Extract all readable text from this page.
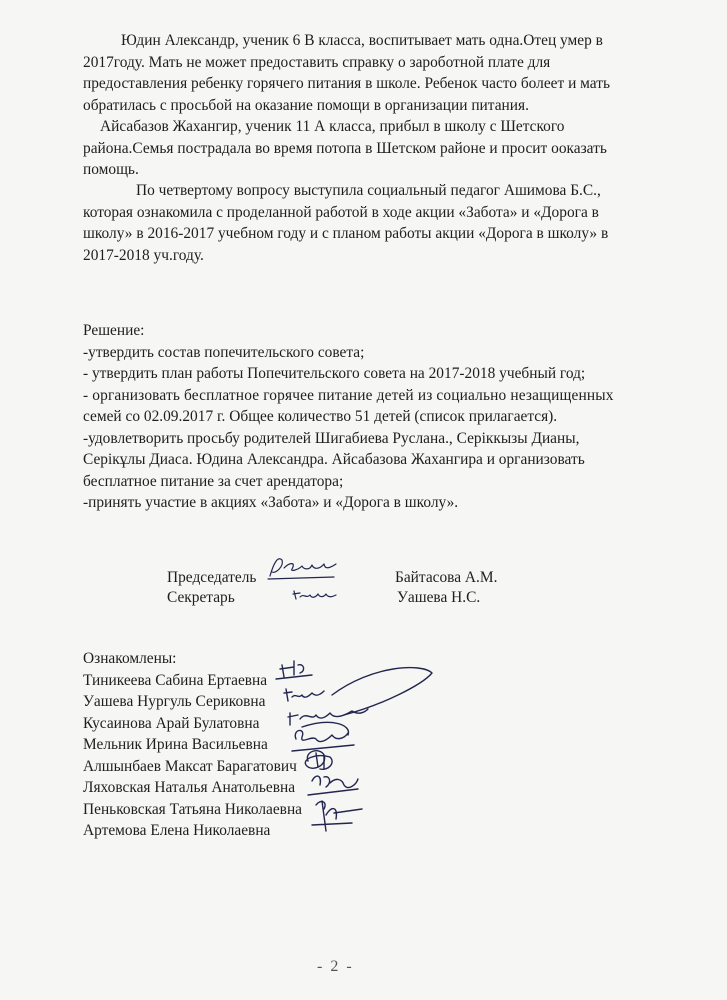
Юдин Александр, ученик 6 В класса, воспитывает мать одна.Отец умер в
2017году. Мать не может предоставить справку о зароботной плате для
предоставления ребенку горячего питания в школе. Ребенок часто болеет и мать
обратилась с просьбой на оказание помощи в организации питания.
Айсабазов Жахангир, ученик 11 А класса, прибыл в школу с Шетского
района.Семья пострадала во время потопа в Шетском районе и просит ооказать
помощь.
По четвертому вопросу выступила социальный педагог Ашимова Б.С.,
которая ознакомила с проделанной работой в ходе акции «Забота» и «Дорога в
школу» в 2016-2017 учебном году и с планом работы акции «Дорога в школу» в
2017-2018 уч.году.
Решение:
-утвердить состав попечительского совета;
- утвердить план работы Попечительского совета на 2017-2018 учебный год;
- организовать бесплатное горячее питание детей из социально незащищенных
семей со 02.09.2017 г. Общее количество 51 детей (список прилагается).
-удовлетворить просьбу родителей Шигабиева Руслана., Серіккызы Дианы,
Серікұлы Диаса. Юдина Александра. Айсабазова Жахангира и организовать
бесплатное питание за счет арендатора;
-принять участие в акциях «Забота» и «Дорога в школу».
Председатель	Байтасова А.М.
Секретарь	Уашева Н.С.
Ознакомлены:
Тиникеева Сабина Ертаевна
Уашева Нургуль Сериковна
Кусаинова Арай Булатовна
Мельник Ирина Васильевна
Алшынбаев Максат Барагатович
Ляховская Наталья Анатольевна
Пеньковская Татьяна Николаевна
Артемова Елена Николаевна
- 2 -
